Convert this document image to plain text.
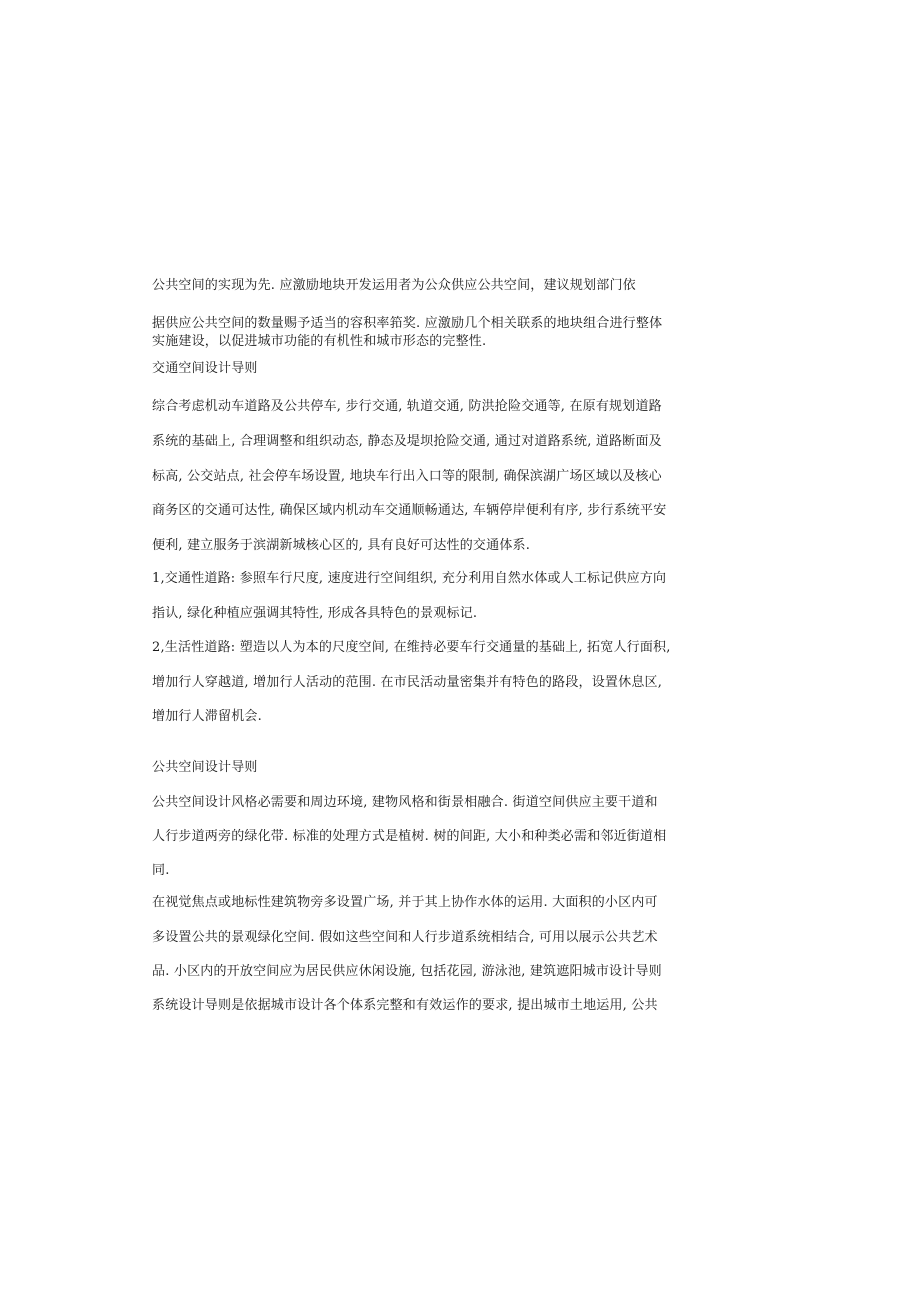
公共空间的实现为先. 应激励地块开发运用者为公众供应公共空间，建议规划部门依
据供应公共空间的数量赐予适当的容积率筘奖. 应激励几个相关联系的地块组合进行整体
实施建设，以促进城市功能的有机性和城市形态的完整性.
交通空间设计导则
综合考虑机动车道路及公共停车, 步行交通, 轨道交通, 防洪抢险交通等, 在原有规划道路
系统的基础上, 合理调整和组织动态, 静态及堤坝抢险交通, 通过对道路系统, 道路断面及
标高, 公交站点, 社会停车场设置, 地块车行出入口等的限制, 确保滨湖广场区域以及核心
商务区的交通可达性, 确保区域内机动车交通顺畅通达, 车辆停岸便利有序, 步行系统平安
便利, 建立服务于滨湖新城核心区的, 具有良好可达性的交通体系.
1,交通性道路: 参照车行尺度, 速度进行空间组织, 充分利用自然水体或人工标记供应方向
指认, 绿化种植应强调其特性, 形成各具特色的景观标记.
2,生活性道路: 塑造以人为本的尺度空间, 在维持必要车行交通量的基础上, 拓宽人行面积,
增加行人穿越道, 增加行人活动的范围. 在市民活动量密集并有特色的路段，设置休息区,
增加行人滞留机会.
公共空间设计导则
公共空间设计风格必需要和周边环境, 建物风格和街景相融合. 街道空间供应主要干道和
人行步道两旁的绿化带. 标准的处理方式是植树. 树的间距, 大小和种类必需和邻近街道相
同.
在视觉焦点或地标性建筑物旁多设置广场, 并于其上协作水体的运用. 大面积的小区内可
多设置公共的景观绿化空间. 假如这些空间和人行步道系统相结合, 可用以展示公共艺术
品. 小区内的开放空间应为居民供应休闲设施, 包括花园, 游泳池, 建筑遮阳城市设计导则
系统设计导则是依据城市设计各个体系完整和有效运作的要求, 提出城市土地运用, 公共
